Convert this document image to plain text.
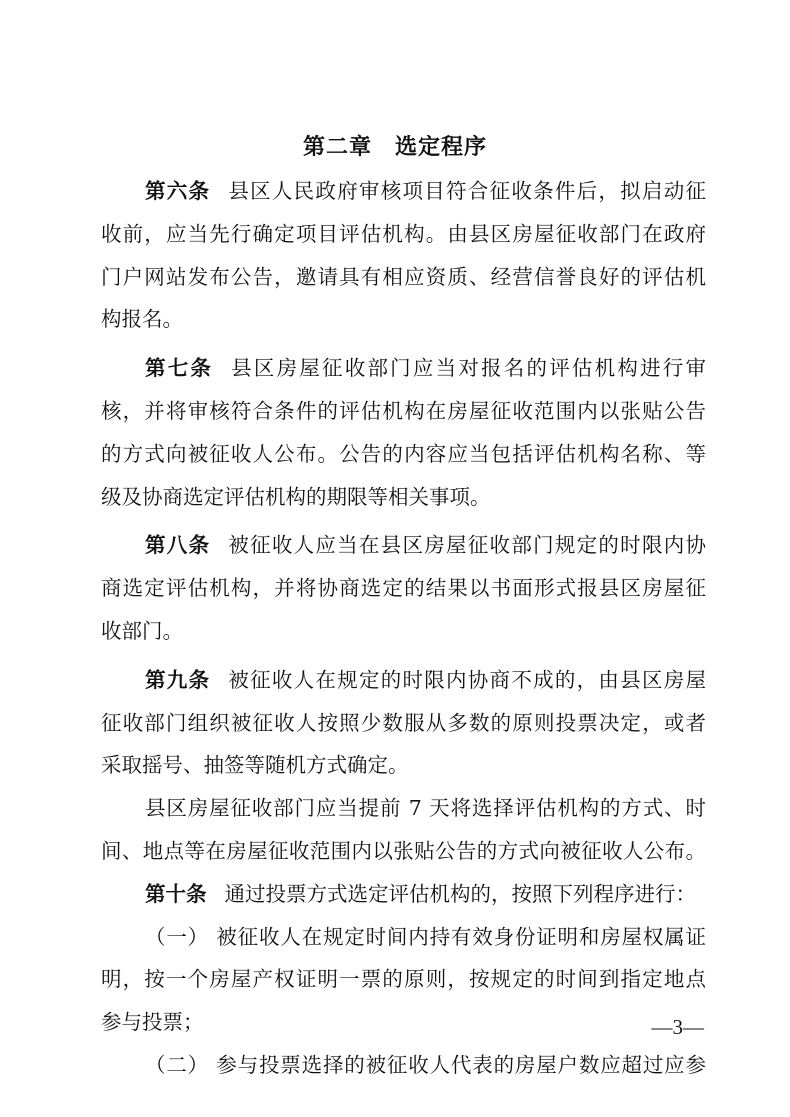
第二章　选定程序
第六条 县区人民政府审核项目符合征收条件后，拟启动征
收前，应当先行确定项目评估机构。由县区房屋征收部门在政府
门户网站发布公告，邀请具有相应资质、经营信誉良好的评估机
构报名。
第七条 县区房屋征收部门应当对报名的评估机构进行审
核，并将审核符合条件的评估机构在房屋征收范围内以张贴公告
的方式向被征收人公布。公告的内容应当包括评估机构名称、等
级及协商选定评估机构的期限等相关事项。
第八条 被征收人应当在县区房屋征收部门规定的时限内协
商选定评估机构，并将协商选定的结果以书面形式报县区房屋征
收部门。
第九条 被征收人在规定的时限内协商不成的，由县区房屋
征收部门组织被征收人按照少数服从多数的原则投票决定，或者
采取摇号、抽签等随机方式确定。
县区房屋征收部门应当提前 7 天将选择评估机构的方式、时
间、地点等在房屋征收范围内以张贴公告的方式向被征收人公布。
第十条 通过投票方式选定评估机构的，按照下列程序进行：
（一） 被征收人在规定时间内持有效身份证明和房屋权属证
明，按一个房屋产权证明一票的原则，按规定的时间到指定地点
参与投票；
（二） 参与投票选择的被征收人代表的房屋户数应超过应参
—3—
